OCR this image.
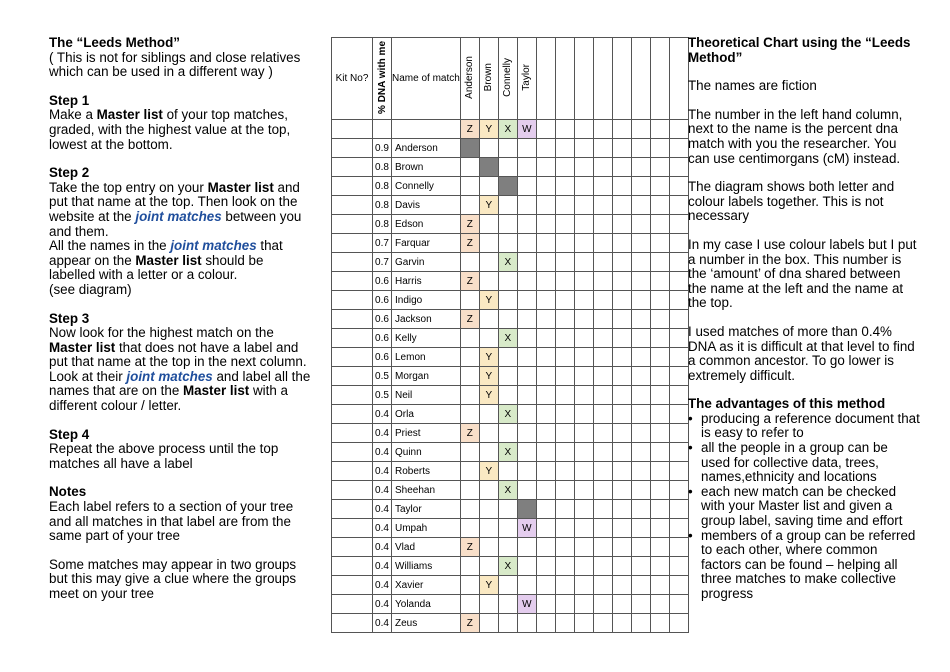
The “Leeds Method”
( This is not for siblings and close relatives which can be used in a different way )
Step 1
Make a Master list of your top matches, graded, with the highest value at the top, lowest at the bottom.
Step 2
Take the top entry on your Master list and put that name at the top. Then look on the website at the joint matches between you and them.
All the names in the joint matches that appear on the Master list should be labelled with a letter or a colour.
(see diagram)
Step 3
Now look for the highest match on the Master list that does not have a label and put that name at the top in the next column.
Look at their joint matches and label all the names that are on the Master list with a different colour / letter.
Step 4
Repeat the above process until the top matches all have a label
Notes
Each label refers to a section of your tree and all matches in that label are from the same part of your tree
Some matches may appear in two groups but this may give a clue where the groups meet on your tree
Kit No?	% DNA with me	Name of match	Anderson	Brown	Connelly	Taylor								
			Z	Y	X	W								
	0.9	Anderson												
	0.8	Brown												
	0.8	Connelly												
	0.8	Davis		Y										
	0.8	Edson	Z											
	0.7	Farquar	Z											
	0.7	Garvin			X									
	0.6	Harris	Z											
	0.6	Indigo		Y										
	0.6	Jackson	Z											
	0.6	Kelly			X									
	0.6	Lemon		Y										
	0.5	Morgan		Y										
	0.5	Neil		Y										
	0.4	Orla			X									
	0.4	Priest	Z											
	0.4	Quinn			X									
	0.4	Roberts		Y										
	0.4	Sheehan			X									
	0.4	Taylor												
	0.4	Umpah				W								
	0.4	Vlad	Z											
	0.4	Williams			X									
	0.4	Xavier		Y										
	0.4	Yolanda				W								
	0.4	Zeus	Z											
Theoretical Chart using the “Leeds Method”
The names are fiction
The number in the left hand column, next to the name is the percent dna match with you the researcher. You can use centimorgans (cM) instead.
The diagram shows both letter and colour labels together. This is not necessary
In my case I use colour labels but I put a number in the box. This number is the ‘amount’ of dna shared between the name at the left and the name at the top.
I used matches of more than 0.4% DNA as it is difficult at that level to find a common ancestor. To go lower is extremely difficult.
The advantages of this method
• producing a reference document that is easy to refer to
• all the people in a group can be used for collective data, trees, names,ethnicity and locations
• each new match can be checked with your Master list and given a group label, saving time and effort
• members of a group can be referred to each other, where common factors can be found – helping all three matches to make collective progress
